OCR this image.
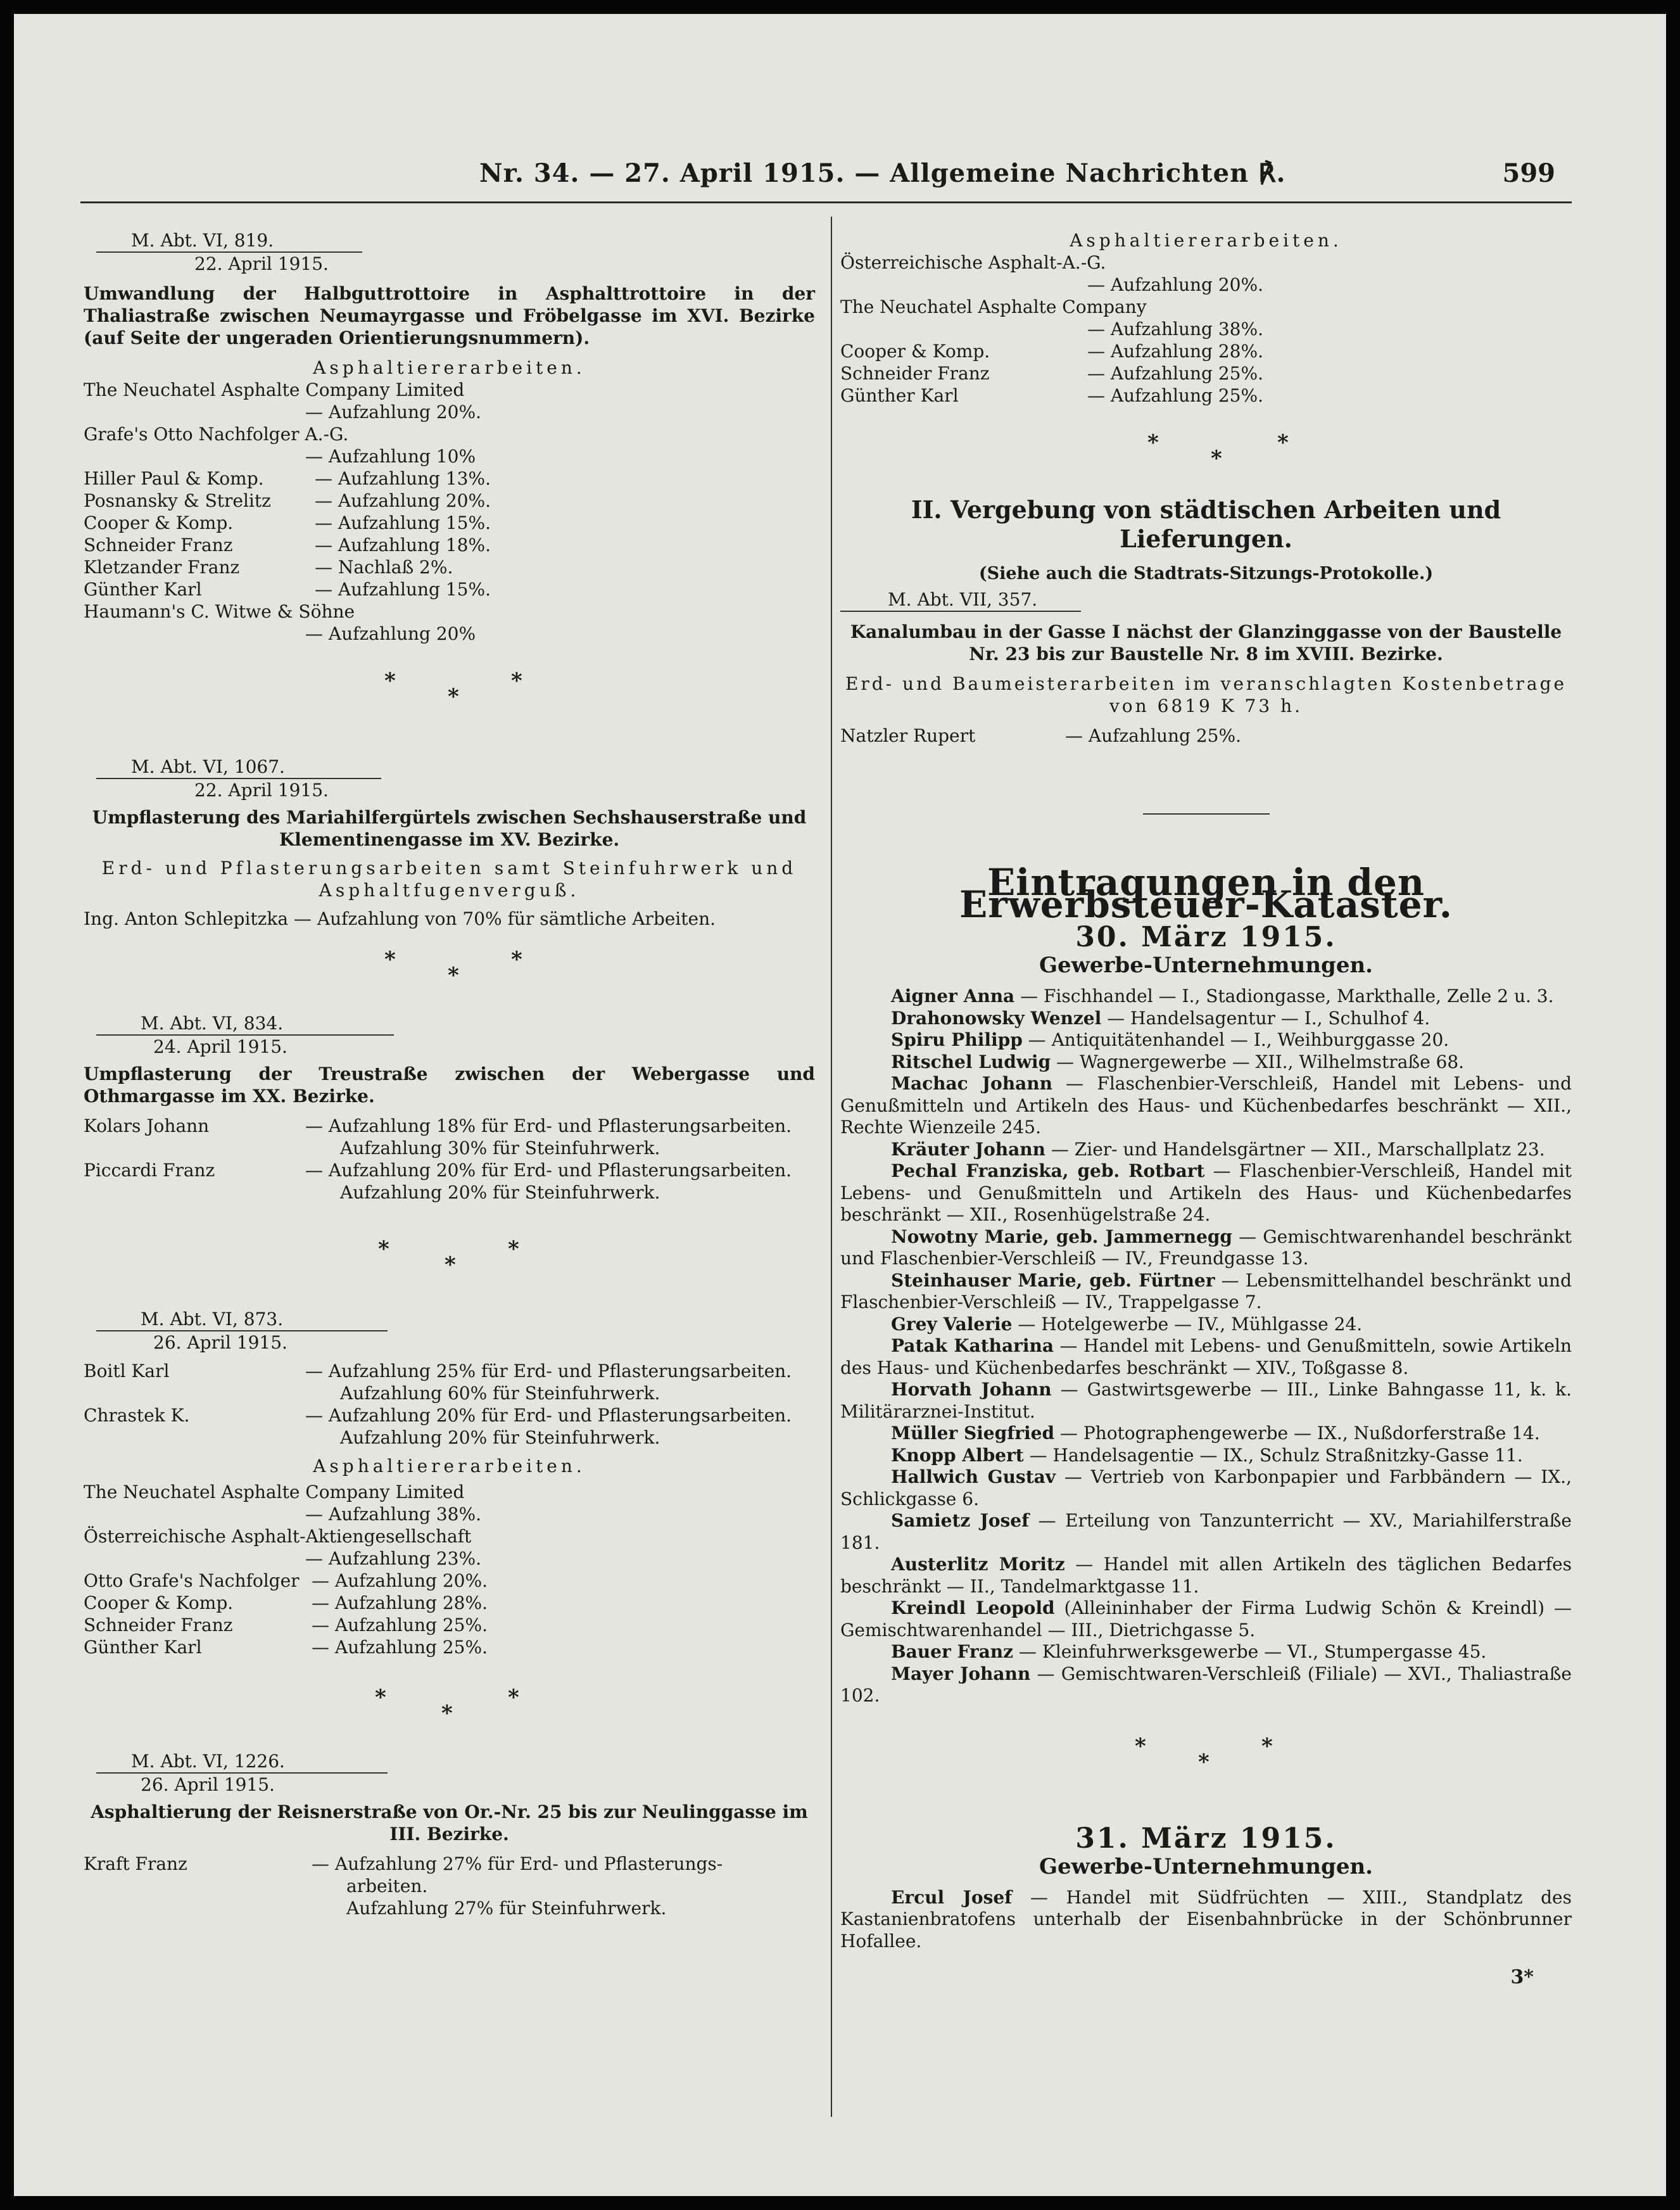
Nr. 34. — 27. April 1915. — Allgemeine Nachrichten ℟.	599
M. Abt. VI, 819.
22. April 1915.
Umwandlung der Halbguttrottoire in Asphalttrottoire in der Thaliastraße zwischen Neumayrgasse und Fröbelgasse im XVI. Bezirke (auf Seite der ungeraden Orientierungsnummern).
Asphaltiererarbeiten.
The Neuchatel Asphalte Company Limited
— Aufzahlung 20%.
Grafe's Otto Nachfolger A.-G.
— Aufzahlung 10%
Hiller Paul & Komp.	— Aufzahlung 13%.
Posnansky & Strelitz	— Aufzahlung 20%.
Cooper & Komp.	— Aufzahlung 15%.
Schneider Franz	— Aufzahlung 18%.
Kletzander Franz	— Nachlaß 2%.
Günther Karl	— Aufzahlung 15%.
Haumann's C. Witwe & Söhne
— Aufzahlung 20%
*
*
*
M. Abt. VI, 1067.
22. April 1915.
Umpflasterung des Mariahilfergürtels zwischen Sechshauserstraße und Klementinengasse im XV. Bezirke.
Erd- und Pflasterungsarbeiten samt Steinfuhrwerk und Asphaltfugenverguß.
Ing. Anton Schlepitzka — Aufzahlung von 70% für sämtliche Arbeiten.
*
*
*
M. Abt. VI, 834.
24. April 1915.
Umpflasterung der Treustraße zwischen der Webergasse und Othmargasse im XX. Bezirke.
Kolars Johann	— Aufzahlung 18% für Erd- und Pflasterungsarbeiten.
Aufzahlung 30% für Steinfuhrwerk.
Piccardi Franz	— Aufzahlung 20% für Erd- und Pflasterungsarbeiten.
Aufzahlung 20% für Steinfuhrwerk.
*
*
*
M. Abt. VI, 873.
26. April 1915.
Boitl Karl	— Aufzahlung 25% für Erd- und Pflasterungsarbeiten.
Aufzahlung 60% für Steinfuhrwerk.
Chrastek K.	— Aufzahlung 20% für Erd- und Pflasterungsarbeiten.
Aufzahlung 20% für Steinfuhrwerk.
Asphaltiererarbeiten.
The Neuchatel Asphalte Company Limited
— Aufzahlung 38%.
Österreichische Asphalt-Aktiengesellschaft
— Aufzahlung 23%.
Otto Grafe's Nachfolger — Aufzahlung 20%.
Cooper & Komp.	— Aufzahlung 28%.
Schneider Franz	— Aufzahlung 25%.
Günther Karl	— Aufzahlung 25%.
*
*
*
M. Abt. VI, 1226.
26. April 1915.
Asphaltierung der Reisnerstraße von Or.-Nr. 25 bis zur Neulinggasse im III. Bezirke.
Kraft Franz	— Aufzahlung 27% für Erd- und Pflasterungs-
arbeiten.
Aufzahlung 27% für Steinfuhrwerk.
Asphaltiererarbeiten.
Österreichische Asphalt-A.-G.
— Aufzahlung 20%.
The Neuchatel Asphalte Company
— Aufzahlung 38%.
Cooper & Komp.	— Aufzahlung 28%.
Schneider Franz	— Aufzahlung 25%.
Günther Karl	— Aufzahlung 25%.
*
*
*
II. Vergebung von städtischen Arbeiten und Lieferungen.
(Siehe auch die Stadtrats-Sitzungs-Protokolle.)
M. Abt. VII, 357.
Kanalumbau in der Gasse I nächst der Glanzinggasse von der Baustelle Nr. 23 bis zur Baustelle Nr. 8 im XVIII. Bezirke.
Erd- und Baumeisterarbeiten im veranschlagten Kostenbetrage von 6819 K 73 h.
Natzler Rupert	— Aufzahlung 25%.
Eintragungen in den Erwerbsteuer-Kataster.
30. März 1915.
Gewerbe-Unternehmungen.

Aigner Anna — Fischhandel — I., Stadiongasse, Markthalle, Zelle 2 u. 3.

Drahonowsky Wenzel — Handelsagentur — I., Schulhof 4.

Spiru Philipp — Antiquitätenhandel — I., Weihburggasse 20.

Ritschel Ludwig — Wagnergewerbe — XII., Wilhelmstraße 68.

Machac Johann — Flaschenbier-Verschleiß, Handel mit Lebens- und Genußmitteln und Artikeln des Haus- und Küchenbedarfes beschränkt — XII., Rechte Wienzeile 245.

Kräuter Johann — Zier- und Handelsgärtner — XII., Marschallplatz 23.

Pechal Franziska, geb. Rotbart — Flaschenbier-Verschleiß, Handel mit Lebens- und Genußmitteln und Artikeln des Haus- und Küchenbedarfes beschränkt — XII., Rosenhügelstraße 24.

Nowotny Marie, geb. Jammernegg — Gemischtwarenhandel beschränkt und Flaschenbier-Verschleiß — IV., Freundgasse 13.

Steinhauser Marie, geb. Fürtner — Lebensmittelhandel beschränkt und Flaschenbier-Verschleiß — IV., Trappelgasse 7.

Grey Valerie — Hotelgewerbe — IV., Mühlgasse 24.

Patak Katharina — Handel mit Lebens- und Genußmitteln, sowie Artikeln des Haus- und Küchenbedarfes beschränkt — XIV., Toßgasse 8.

Horvath Johann — Gastwirtsgewerbe — III., Linke Bahngasse 11, k. k. Militärarznei-Institut.

Müller Siegfried — Photographengewerbe — IX., Nußdorferstraße 14.

Knopp Albert — Handelsagentie — IX., Schulz Straßnitzky-Gasse 11.

Hallwich Gustav — Vertrieb von Karbonpapier und Farbbändern — IX., Schlickgasse 6.

Samietz Josef — Erteilung von Tanzunterricht — XV., Mariahilferstraße 181.

Austerlitz Moritz — Handel mit allen Artikeln des täglichen Bedarfes beschränkt — II., Tandelmarktgasse 11.

Kreindl Leopold (Alleininhaber der Firma Ludwig Schön & Kreindl) — Gemischtwarenhandel — III., Dietrichgasse 5.

Bauer Franz — Kleinfuhrwerksgewerbe — VI., Stumpergasse 45.

Mayer Johann — Gemischtwaren-Verschleiß (Filiale) — XVI., Thaliastraße 102.

*
*
*
31. März 1915.
Gewerbe-Unternehmungen.

Ercul Josef — Handel mit Südfrüchten — XIII., Standplatz des Kastanienbratofens unterhalb der Eisenbahnbrücke in der Schönbrunner Hofallee.

3*
